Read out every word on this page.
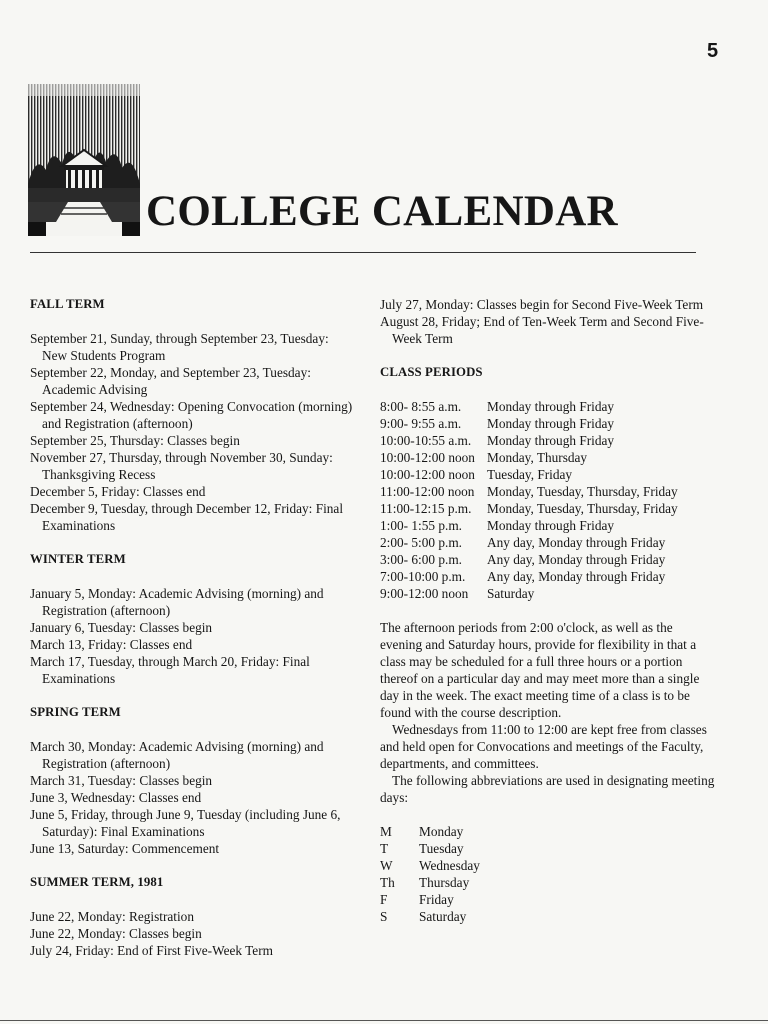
5
COLLEGE CALENDAR
FALL TERM
September 21, Sunday, through September 23, Tuesday: New Students Program
September 22, Monday, and September 23, Tuesday: Academic Advising
September 24, Wednesday: Opening Convocation (morning) and Registration (afternoon)
September 25, Thursday: Classes begin
November 27, Thursday, through November 30, Sunday: Thanksgiving Recess
December 5, Friday: Classes end
December 9, Tuesday, through December 12, Friday: Final Examinations
WINTER TERM
January 5, Monday: Academic Advising (morning) and Registration (afternoon)
January 6, Tuesday: Classes begin
March 13, Friday: Classes end
March 17, Tuesday, through March 20, Friday: Final Examinations
SPRING TERM
March 30, Monday: Academic Advising (morning) and Registration (afternoon)
March 31, Tuesday: Classes begin
June 3, Wednesday: Classes end
June 5, Friday, through June 9, Tuesday (including June 6, Saturday): Final Examinations
June 13, Saturday: Commencement
SUMMER TERM, 1981
June 22, Monday: Registration
June 22, Monday: Classes begin
July 24, Friday: End of First Five-Week Term
July 27, Monday: Classes begin for Second Five-Week Term
August 28, Friday; End of Ten-Week Term and Second Five-Week Term
CLASS PERIODS
8:00- 8:55 a.m.	Monday through Friday
9:00- 9:55 a.m.	Monday through Friday
10:00-10:55 a.m.	Monday through Friday
10:00-12:00 noon	Monday, Thursday
10:00-12:00 noon	Tuesday, Friday
11:00-12:00 noon	Monday, Tuesday, Thursday, Friday
11:00-12:15 p.m.	Monday, Tuesday, Thursday, Friday
1:00- 1:55 p.m.	Monday through Friday
2:00- 5:00 p.m.	Any day, Monday through Friday
3:00- 6:00 p.m.	Any day, Monday through Friday
7:00-10:00 p.m.	Any day, Monday through Friday
9:00-12:00 noon	Saturday

The afternoon periods from 2:00 o'clock, as well as the evening and Saturday hours, provide for flexibility in that a class may be scheduled for a full three hours or a portion thereof on a particular day and may meet more than a single day in the week. The exact meeting time of a class is to be found with the course description.

Wednesdays from 11:00 to 12:00 are kept free from classes and held open for Convocations and meetings of the Faculty, departments, and committees.

The following abbreviations are used in designating meeting days:

M	Monday
T	Tuesday
W	Wednesday
Th	Thursday
F	Friday
S	Saturday
